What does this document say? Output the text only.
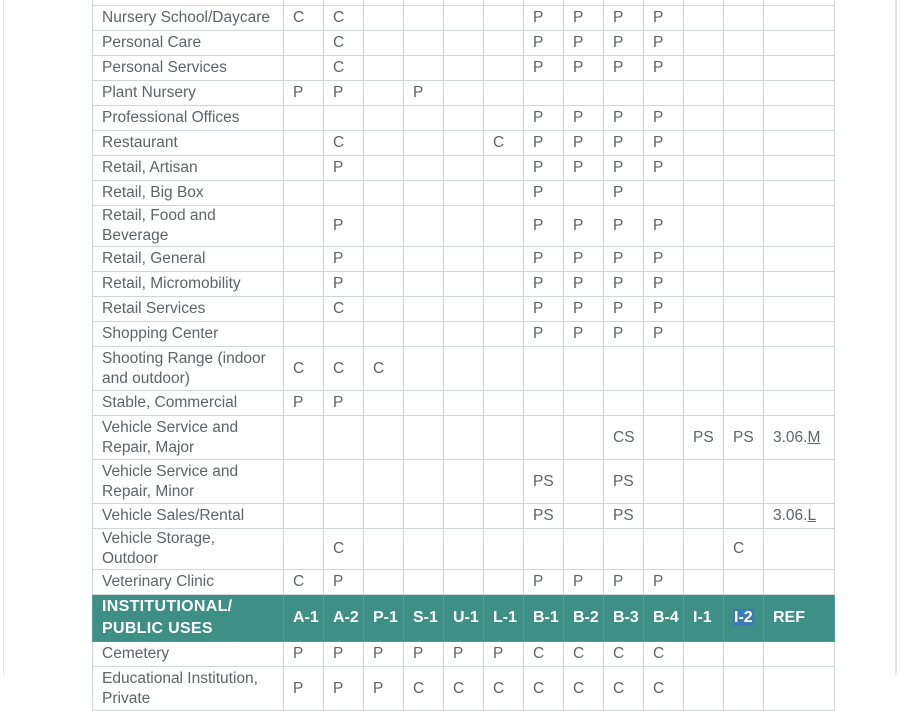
Nursery School/Daycare	C	C					P	P	P	P			
Personal Care		C					P	P	P	P			
Personal Services		C					P	P	P	P			
Plant Nursery	P	P		P									
Professional Offices							P	P	P	P			
Restaurant		C				C	P	P	P	P			
Retail, Artisan		P					P	P	P	P			
Retail, Big Box							P		P				
Retail, Food and Beverage		P					P	P	P	P			
Retail, General		P					P	P	P	P			
Retail, Micromobility		P					P	P	P	P			
Retail Services		C					P	P	P	P			
Shopping Center							P	P	P	P			
Shooting Range (indoor and outdoor)	C	C	C										
Stable, Commercial	P	P											
Vehicle Service and Repair, Major									CS		PS	PS	3.06.M
Vehicle Service and Repair, Minor							PS		PS				
Vehicle Sales/Rental							PS		PS				3.06.L
Vehicle Storage, Outdoor		C										C	
Veterinary Clinic	C	P					P	P	P	P			
INSTITUTIONAL/ PUBLIC USES	A-1	A-2	P-1	S-1	U-1	L-1	B-1	B-2	B-3	B-4	I-1	I-2	REF
Cemetery	P	P	P	P	P	P	C	C	C	C			
Educational Institution, Private	P	P	P	C	C	C	C	C	C	C			
